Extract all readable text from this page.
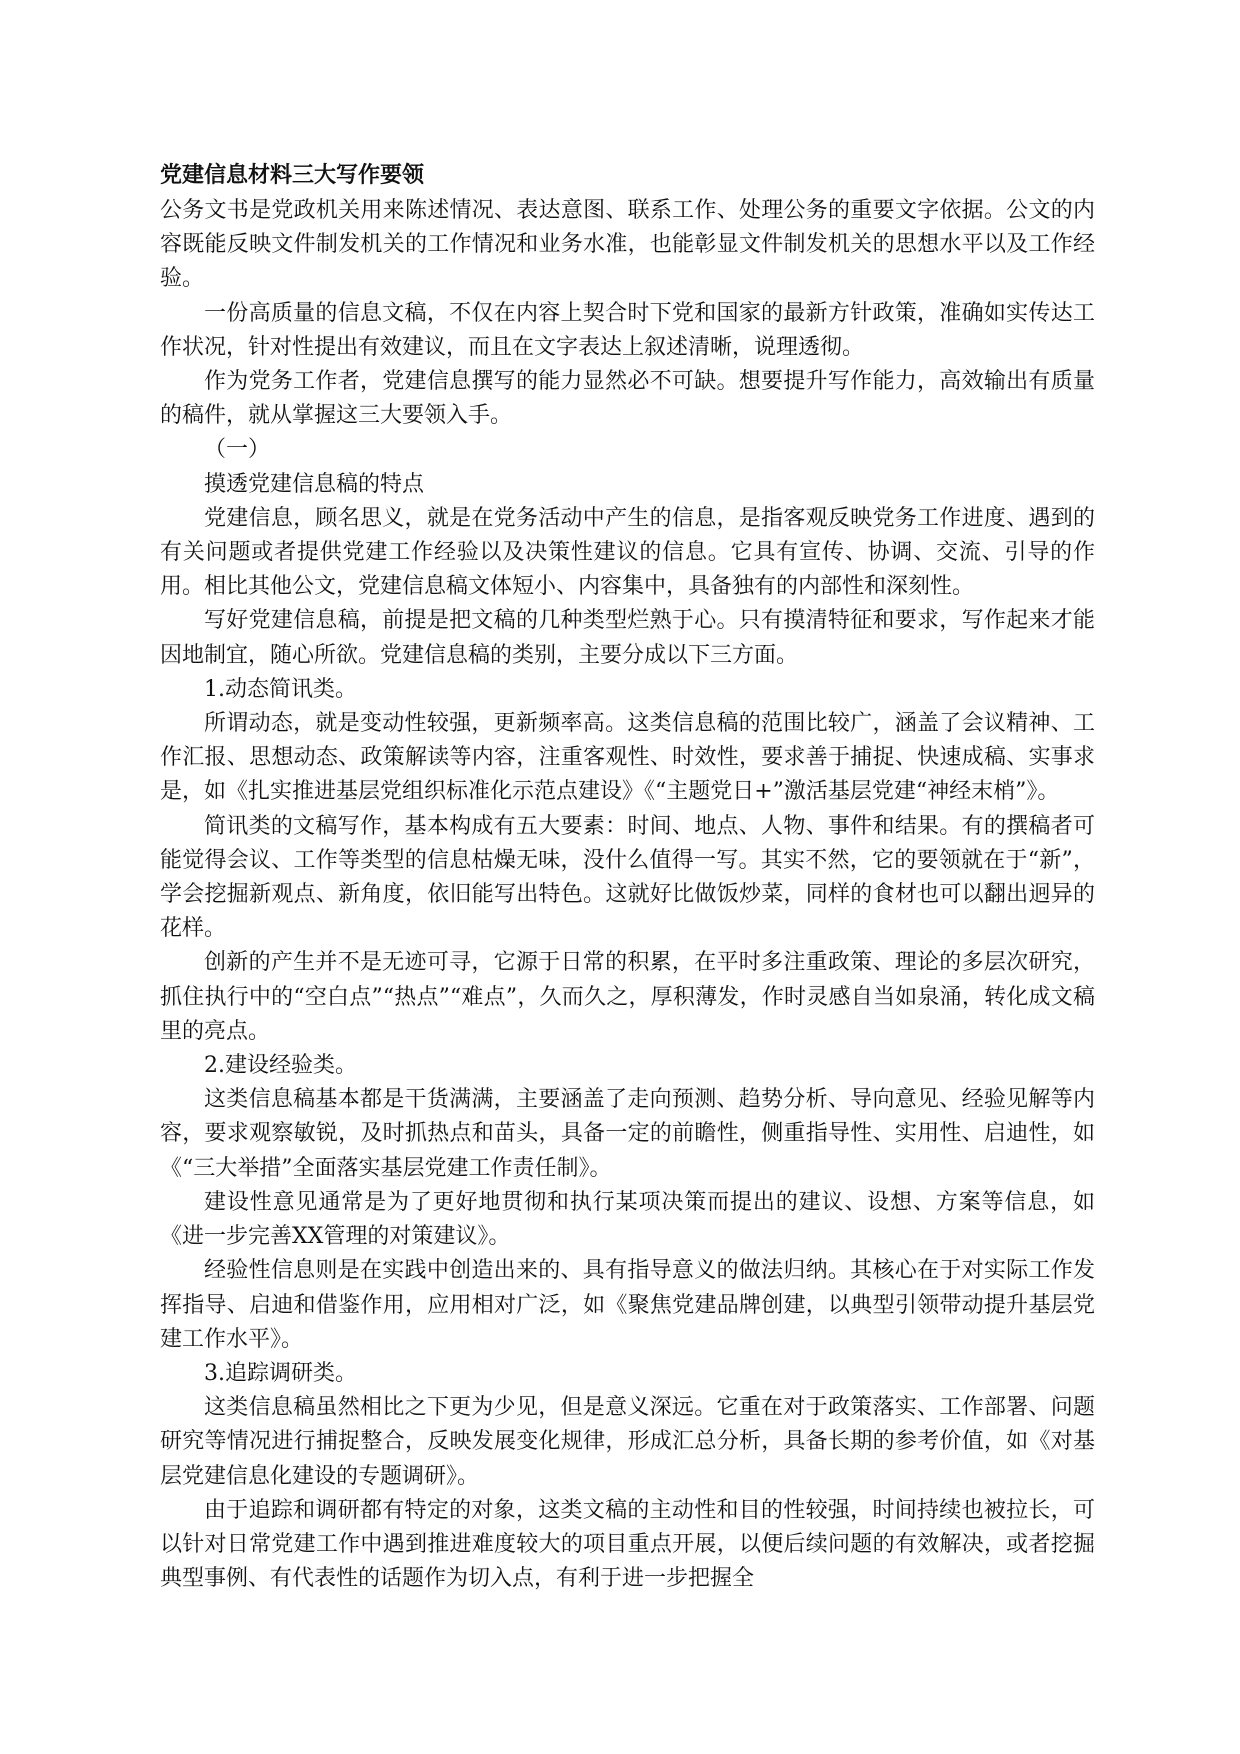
党建信息材料三大写作要领

公务文书是党政机关用来陈述情况、表达意图、联系工作、处理公务的重要文字依据。公文的内容既能反映文件制发机关的工作情况和业务水准，也能彰显文件制发机关的思想水平以及工作经验。

一份高质量的信息文稿，不仅在内容上契合时下党和国家的最新方针政策，准确如实传达工作状况，针对性提出有效建议，而且在文字表达上叙述清晰，说理透彻。

作为党务工作者，党建信息撰写的能力显然必不可缺。想要提升写作能力，高效输出有质量的稿件，就从掌握这三大要领入手。

（一）

摸透党建信息稿的特点

党建信息，顾名思义，就是在党务活动中产生的信息，是指客观反映党务工作进度、遇到的有关问题或者提供党建工作经验以及决策性建议的信息。它具有宣传、协调、交流、引导的作用。相比其他公文，党建信息稿文体短小、内容集中，具备独有的内部性和深刻性。

写好党建信息稿，前提是把文稿的几种类型烂熟于心。只有摸清特征和要求，写作起来才能因地制宜，随心所欲。党建信息稿的类别，主要分成以下三方面。

1.动态简讯类。

所谓动态，就是变动性较强，更新频率高。这类信息稿的范围比较广，涵盖了会议精神、工作汇报、思想动态、政策解读等内容，注重客观性、时效性，要求善于捕捉、快速成稿、实事求是，如《扎实推进基层党组织标准化示范点建设》《“主题党日+”激活基层党建“神经末梢”》。

简讯类的文稿写作，基本构成有五大要素：时间、地点、人物、事件和结果。有的撰稿者可能觉得会议、工作等类型的信息枯燥无味，没什么值得一写。其实不然，它的要领就在于“新”，学会挖掘新观点、新角度，依旧能写出特色。这就好比做饭炒菜，同样的食材也可以翻出迥异的花样。

创新的产生并不是无迹可寻，它源于日常的积累，在平时多注重政策、理论的多层次研究，抓住执行中的“空白点”“热点”“难点”，久而久之，厚积薄发，作时灵感自当如泉涌，转化成文稿里的亮点。

2.建设经验类。

这类信息稿基本都是干货满满，主要涵盖了走向预测、趋势分析、导向意见、经验见解等内容，要求观察敏锐，及时抓热点和苗头，具备一定的前瞻性，侧重指导性、实用性、启迪性，如《“三大举措”全面落实基层党建工作责任制》。

建设性意见通常是为了更好地贯彻和执行某项决策而提出的建议、设想、方案等信息，如《进一步完善XX管理的对策建议》。

经验性信息则是在实践中创造出来的、具有指导意义的做法归纳。其核心在于对实际工作发挥指导、启迪和借鉴作用，应用相对广泛，如《聚焦党建品牌创建，以典型引领带动提升基层党建工作水平》。

3.追踪调研类。

这类信息稿虽然相比之下更为少见，但是意义深远。它重在对于政策落实、工作部署、问题研究等情况进行捕捉整合，反映发展变化规律，形成汇总分析，具备长期的参考价值，如《对基层党建信息化建设的专题调研》。

由于追踪和调研都有特定的对象，这类文稿的主动性和目的性较强，时间持续也被拉长，可以针对日常党建工作中遇到推进难度较大的项目重点开展，以便后续问题的有效解决，或者挖掘典型事例、有代表性的话题作为切入点，有利于进一步把握全
